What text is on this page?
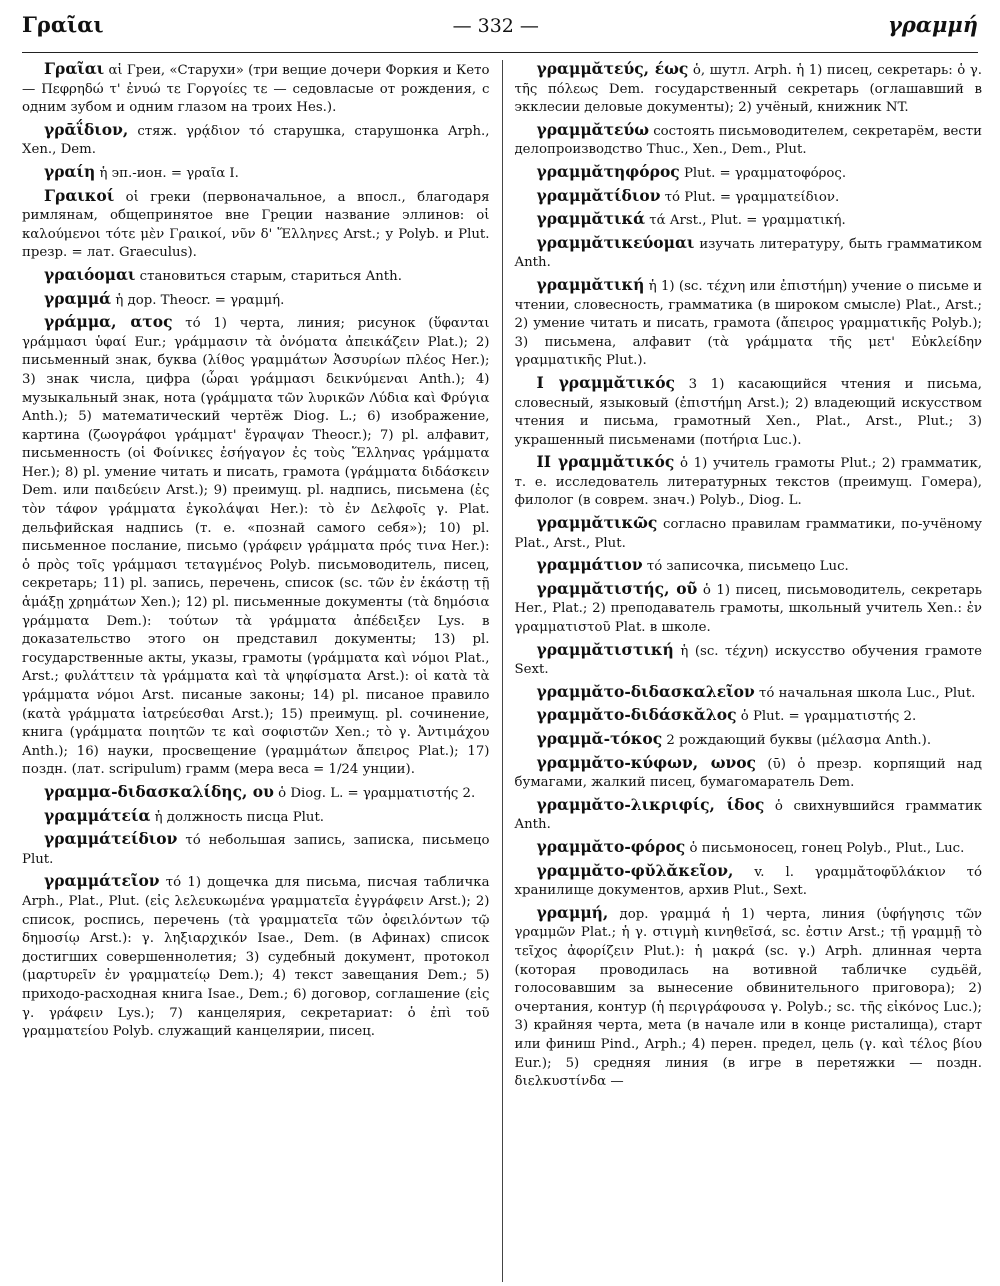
Γραῖαι	— 332 —	γραμμή

Γραῖαι αἱ Греи, «Старухи» (три вещие дочери Форкия и Кето — Πεφρηδώ τ' ἐνυώ τε Γοργοίες τε — седовласые от рождения, с одним зубом и одним глазом на троих Hes.).

γρᾱΐδιον, стяж. γρᾴδιον τό старушка, старушонка Arph., Xen., Dem.

γραίη ἡ эп.-ион. = γραῖα I.

Γραικοί οἱ греки (первоначальное, а впосл., благодаря римлянам, общепринятое вне Греции название эллинов: οἱ καλούμενοι τότε μὲν Γραικοί, νῦν δ' Ἕλληνες Arst.; у Polyb. и Plut. презр. = лат. Graeculus).

γραιόομαι становиться старым, стариться Anth.

γραμμά ἡ дор. Theocr. = γραμμή.

γράμμα, ατος τό 1) черта, линия; рисунок (ὕφανται γράμμασι ὑφαί Eur.; γράμμασιν τὰ ὀνόματα ἀπεικάζειν Plat.); 2) письменный знак, буква (λίθος γραμμάτων Ἀσσυρίων πλέος Her.); 3) знак числа, цифра (ὧραι γράμμασι δεικνύμεναι Anth.); 4) музыкальный знак, нота (γράμματα τῶν λυρικῶν Λύδια καὶ Φρύγια Anth.); 5) математический чертёж Diog. L.; 6) изображение, картина (ζωογράφοι γράμματ' ἔγραψαν Theocr.); 7) pl. алфавит, письменность (οἱ Φοίνικες ἐσήγαγον ἐς τοὺς Ἕλληνας γράμματα Her.); 8) pl. умение читать и писать, грамота (γράμματα διδάσκειν Dem. или παιδεύειν Arst.); 9) преимущ. pl. надпись, письмена (ἐς τὸν τάφον γράμματα ἐγκολάψαι Her.): τὸ ἐν Δελφοῖς γ. Plat. дельфийская надпись (т. е. «познай самого себя»); 10) pl. письменное послание, письмо (γράφειν γράμματα πρός τινα Her.): ὁ πρὸς τοῖς γράμμασι τεταγμένος Polyb. письмоводитель, писец, секретарь; 11) pl. запись, перечень, список (sc. τῶν ἐν ἑκάστῃ τῇ ἁμάξῃ χρημάτων Xen.); 12) pl. письменные документы (τὰ δημόσια γράμματα Dem.): τούτων τὰ γράμματα ἀπέδειξεν Lys. в доказательство этого он представил документы; 13) pl. государственные акты, указы, грамоты (γράμματα καὶ νόμοι Plat., Arst.; φυλάττειν τὰ γράμματα καὶ τὰ ψηφίσματα Arst.): οἱ κατὰ τὰ γράμματα νόμοι Arst. писаные законы; 14) pl. писаное правило (κατὰ γράμματα ἰατρεύεσθαι Arst.); 15) преимущ. pl. сочинение, книга (γράμματα ποιητῶν τε καὶ σοφιστῶν Xen.; τὸ γ. Ἀντιμάχου Anth.); 16) науки, просвещение (γραμμάτων ἄπειρος Plat.); 17) поздн. (лат. scripulum) грамм (мера веса = 1/24 унции).

γραμμα-διδασκαλίδης, ου ὁ Diog. L. = γραμματιστής 2.

γραμμάτεία ἡ должность писца Plut.

γραμμάτείδιον τό небольшая запись, записка, письмецо Plut.

γραμμάτεῖον τό 1) дощечка для письма, писчая табличка Arph., Plat., Plut. (εἰς λελευκωμένα γραμματεῖα ἐγγράφειν Arst.); 2) список, роспись, перечень (τὰ γραμματεῖα τῶν ὀφειλόντων τῷ δημοσίῳ Arst.): γ. ληξιαρχικόν Isae., Dem. (в Афинах) список достигших совершеннолетия; 3) судебный документ, протокол (μαρτυρεῖν ἐν γραμματείῳ Dem.); 4) текст завещания Dem.; 5) приходо-расходная книга Isae., Dem.; 6) договор, соглашение (εἰς γ. γράφειν Lys.); 7) канцелярия, секретариат: ὁ ἐπὶ τοῦ γραμματείου Polyb. служащий канцелярии, писец.

γραμμᾰτεύς, έως ὁ, шутл. Arph. ἡ 1) писец, секретарь: ὁ γ. τῆς πόλεως Dem. государственный секретарь (оглашавший в экклесии деловые документы); 2) учёный, книжник NT.

γραμμᾰτεύω состоять письмоводителем, секретарём, вести делопроизводство Thuc., Xen., Dem., Plut.

γραμμᾰτηφόρος Plut. = γραμματοφόρος.

γραμμᾰτίδιον τό Plut. = γραμματείδιον.

γραμμᾰτικά τά Arst., Plut. = γραμματική.

γραμμᾰτικεύομαι изучать литературу, быть грамматиком Anth.

γραμμᾰτική ἡ 1) (sc. τέχνη или ἐπιστήμη) учение о письме и чтении, словесность, грамматика (в широком смысле) Plat., Arst.; 2) умение читать и писать, грамота (ἄπειρος γραμματικῆς Polyb.); 3) письмена, алфавит (τὰ γράμματα τῆς μετ' Εὐκλείδην γραμματικῆς Plut.).

I γραμμᾰτικός 3 1) касающийся чтения и письма, словесный, языковый (ἐπιστήμη Arst.); 2) владеющий искусством чтения и письма, грамотный Xen., Plat., Arst., Plut.; 3) украшенный письменами (ποτήρια Luc.).

II γραμμᾰτικός ὁ 1) учитель грамоты Plut.; 2) грамматик, т. е. исследователь литературных текстов (преимущ. Гомера), филолог (в соврем. знач.) Polyb., Diog. L.

γραμμᾰτικῶς согласно правилам грамматики, по-учёному Plat., Arst., Plut.

γραμμάτιον τό записочка, письмецо Luc.

γραμμᾰτιστής, οῦ ὁ 1) писец, письмоводитель, секретарь Her., Plat.; 2) преподаватель грамоты, школьный учитель Xen.: ἐν γραμματιστοῦ Plat. в школе.

γραμμᾰτιστική ἡ (sc. τέχνη) искусство обучения грамоте Sext.

γραμμᾰτο-διδασκαλεῖον τό начальная школа Luc., Plut.

γραμμᾰτο-διδάσκᾰλος ὁ Plut. = γραμματιστής 2.

γραμμᾰ-τόκος 2 рождающий буквы (μέλασμα Anth.).

γραμμᾰτο-κύφων, ωνος (ῡ) ὁ презр. корпящий над бумагами, жалкий писец, бумагомаратель Dem.

γραμμᾰτο-λικριφίς, ίδος ὁ свихнувшийся грамматик Anth.

γραμμᾰτο-φόρος ὁ письмоносец, гонец Polyb., Plut., Luc.

γραμμᾰτο-φῠλᾰκεῖον, v. l. γραμμᾰτοφῠλάκιον τό хранилище документов, архив Plut., Sext.

γραμμή, дор. γραμμά ἡ 1) черта, линия (ὑφήγησις τῶν γραμμῶν Plat.; ἡ γ. στιγμὴ κινηθεῖσά, sc. ἐστιν Arst.; τῇ γραμμῇ τὸ τεῖχος ἀφορίζειν Plut.): ἡ μακρά (sc. γ.) Arph. длинная черта (которая проводилась на вотивной табличке судьёй, голосовавшим за вынесение обвинительного приговора); 2) очертания, контур (ἡ περιγράφουσα γ. Polyb.; sc. τῆς εἰκόνος Luc.); 3) крайняя черта, мета (в начале или в конце ристалища), старт или финиш Pind., Arph.; 4) перен. предел, цель (γ. καὶ τέλος βίου Eur.); 5) средняя линия (в игре в перетяжки — поздн. διελκυστίνδα —
